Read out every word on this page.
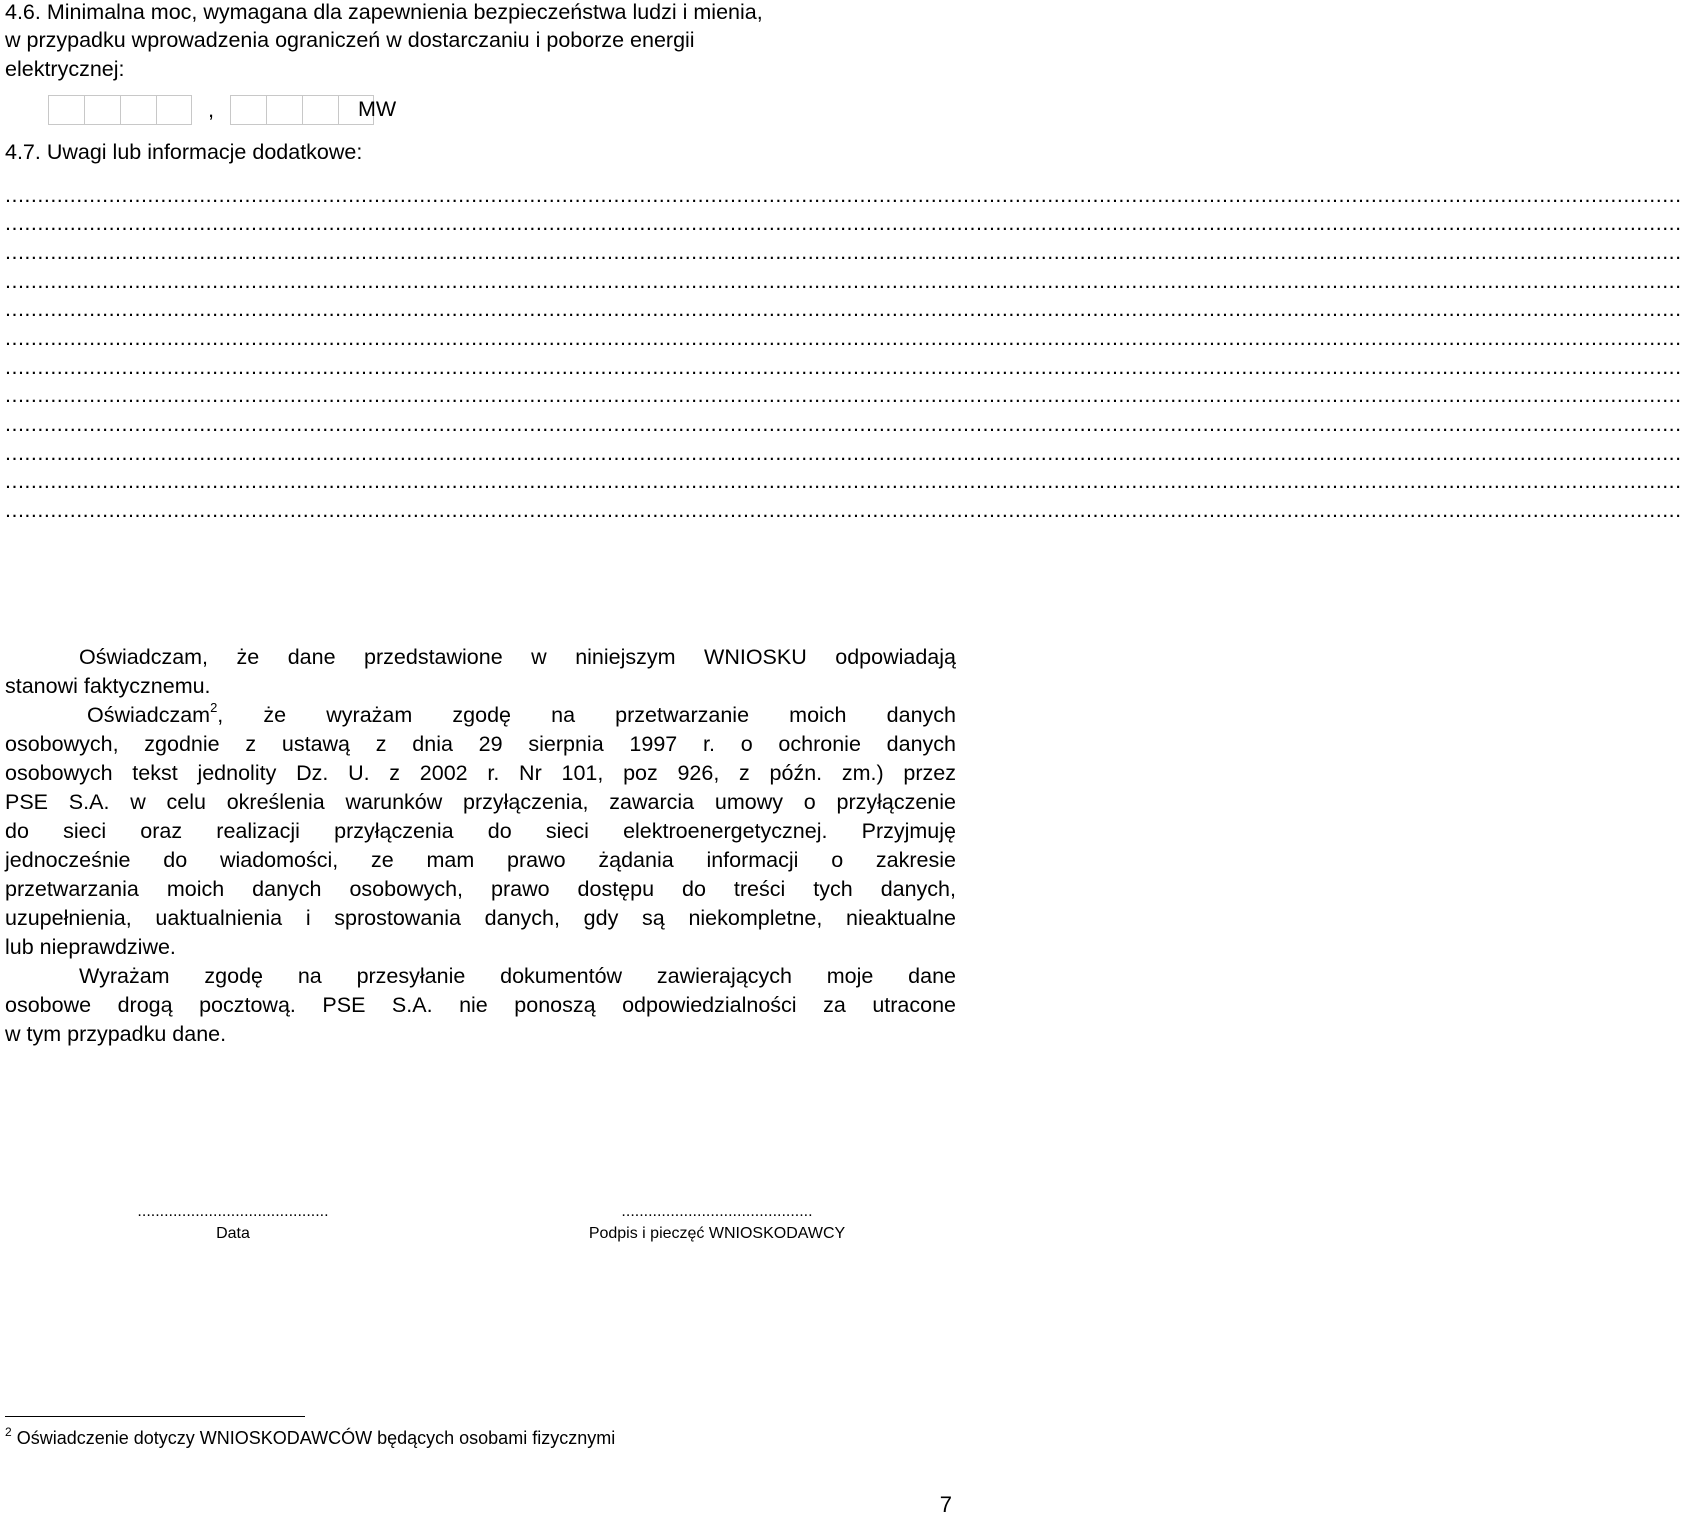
4.6. Minimalna moc, wymagana dla zapewnienia bezpieczeństwa ludzi i mienia,
w przypadku wprowadzenia ograniczeń w dostarczaniu i poborze energii
elektrycznej:
,	MW
4.7. Uwagi lub informacje dodatkowe:
...................................................................................................................................................................................................................................................................
...................................................................................................................................................................................................................................................................
...................................................................................................................................................................................................................................................................
...................................................................................................................................................................................................................................................................
...................................................................................................................................................................................................................................................................
...................................................................................................................................................................................................................................................................
...................................................................................................................................................................................................................................................................
...................................................................................................................................................................................................................................................................
...................................................................................................................................................................................................................................................................
...................................................................................................................................................................................................................................................................
...................................................................................................................................................................................................................................................................
...................................................................................................................................................................................................................................................................
Oświadczam, że dane przedstawione w niniejszym WNIOSKU odpowiadają
stanowi faktycznemu.
Oświadczam$^2$, że wyrażam zgodę na przetwarzanie moich danych
osobowych, zgodnie z ustawą z dnia 29 sierpnia 1997 r. o ochronie danych
osobowych tekst jednolity Dz. U. z 2002 r. Nr 101, poz 926, z późn. zm.) przez
PSE S.A. w celu określenia warunków przyłączenia, zawarcia umowy o przyłączenie
do sieci oraz realizacji przyłączenia do sieci elektroenergetycznej. Przyjmuję
jednocześnie do wiadomości, ze mam prawo żądania informacji o zakresie
przetwarzania moich danych osobowych, prawo dostępu do treści tych danych,
uzupełnienia, uaktualnienia i sprostowania danych, gdy są niekompletne, nieaktualne
lub nieprawdziwe.
Wyrażam zgodę na przesyłanie dokumentów zawierających moje dane
osobowe drogą pocztową. PSE S.A. nie ponoszą odpowiedzialności za utracone
w tym przypadku dane.
...........................................
Data
...........................................
Podpis i pieczęć WNIOSKODAWCY
$^2$ Oświadczenie dotyczy WNIOSKODAWCÓW będących osobami fizycznymi
7
